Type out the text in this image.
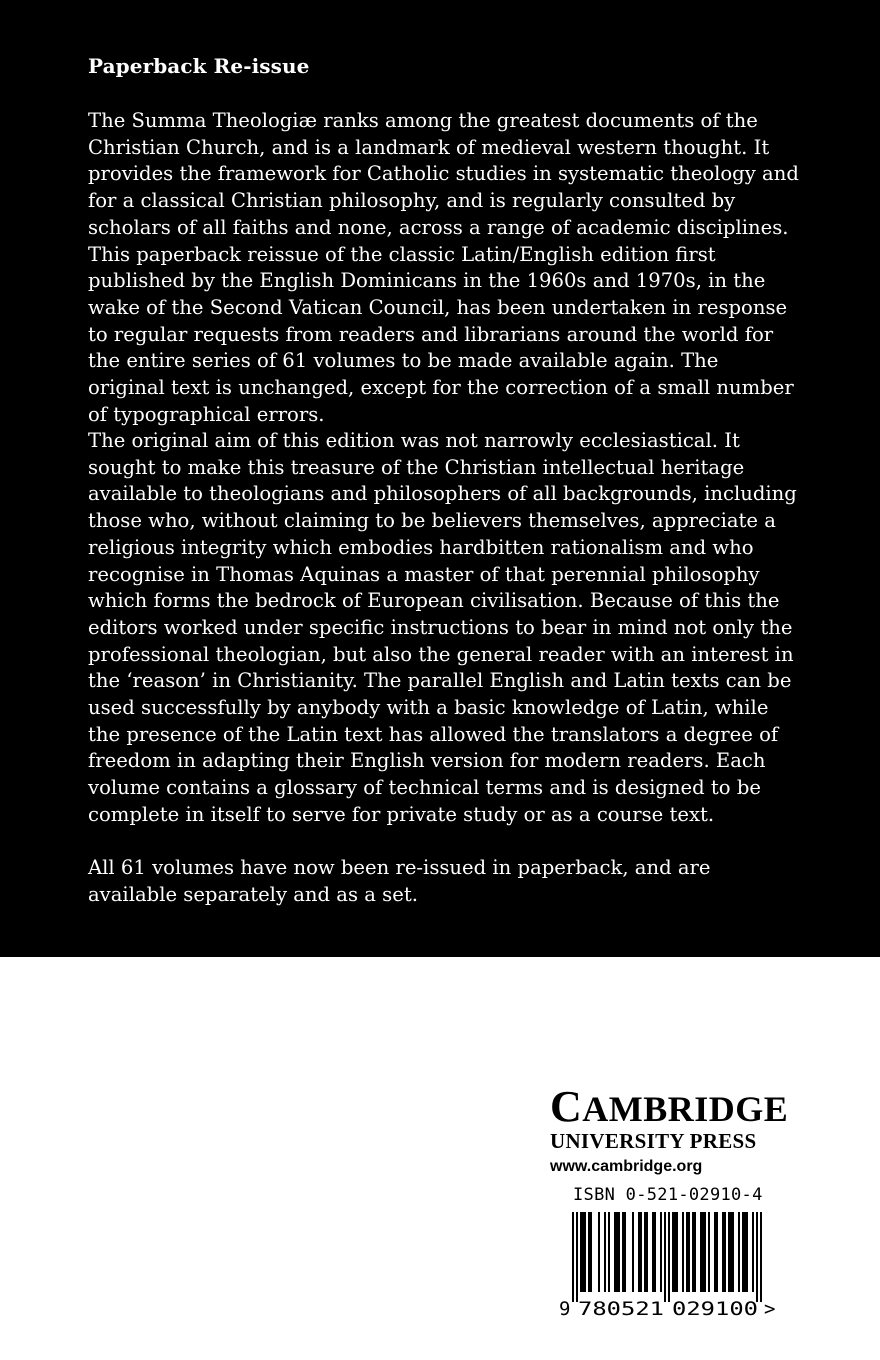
Paperback Re-issue

The Summa Theologiæ ranks among the greatest documents of the Christian Church, and is a landmark of medieval western thought. It provides the framework for Catholic studies in systematic theology and for a classical Christian philosophy, and is regularly consulted by scholars of all faiths and none, across a range of academic disciplines. This paperback reissue of the classic Latin/English edition first published by the English Dominicans in the 1960s and 1970s, in the wake of the Second Vatican Council, has been undertaken in response to regular requests from readers and librarians around the world for the entire series of 61 volumes to be made available again. The original text is unchanged, except for the correction of a small number of typographical errors.

The original aim of this edition was not narrowly ecclesiastical. It sought to make this treasure of the Christian intellectual heritage available to theologians and philosophers of all backgrounds, including those who, without claiming to be believers themselves, appreciate a religious integrity which embodies hardbitten rationalism and who recognise in Thomas Aquinas a master of that perennial philosophy which forms the bedrock of European civilisation. Because of this the editors worked under specific instructions to bear in mind not only the professional theologian, but also the general reader with an interest in the ‘reason’ in Christianity. The parallel English and Latin texts can be used successfully by anybody with a basic knowledge of Latin, while the presence of the Latin text has allowed the translators a degree of freedom in adapting their English version for modern readers. Each volume contains a glossary of technical terms and is designed to be complete in itself to serve for private study or as a course text.

All 61 volumes have now been re-issued in paperback, and are available separately and as a set.

CAMBRIDGE

UNIVERSITY PRESS

www.cambridge.org

ISBN 0-521-02910-4
9 780521 029100 >
